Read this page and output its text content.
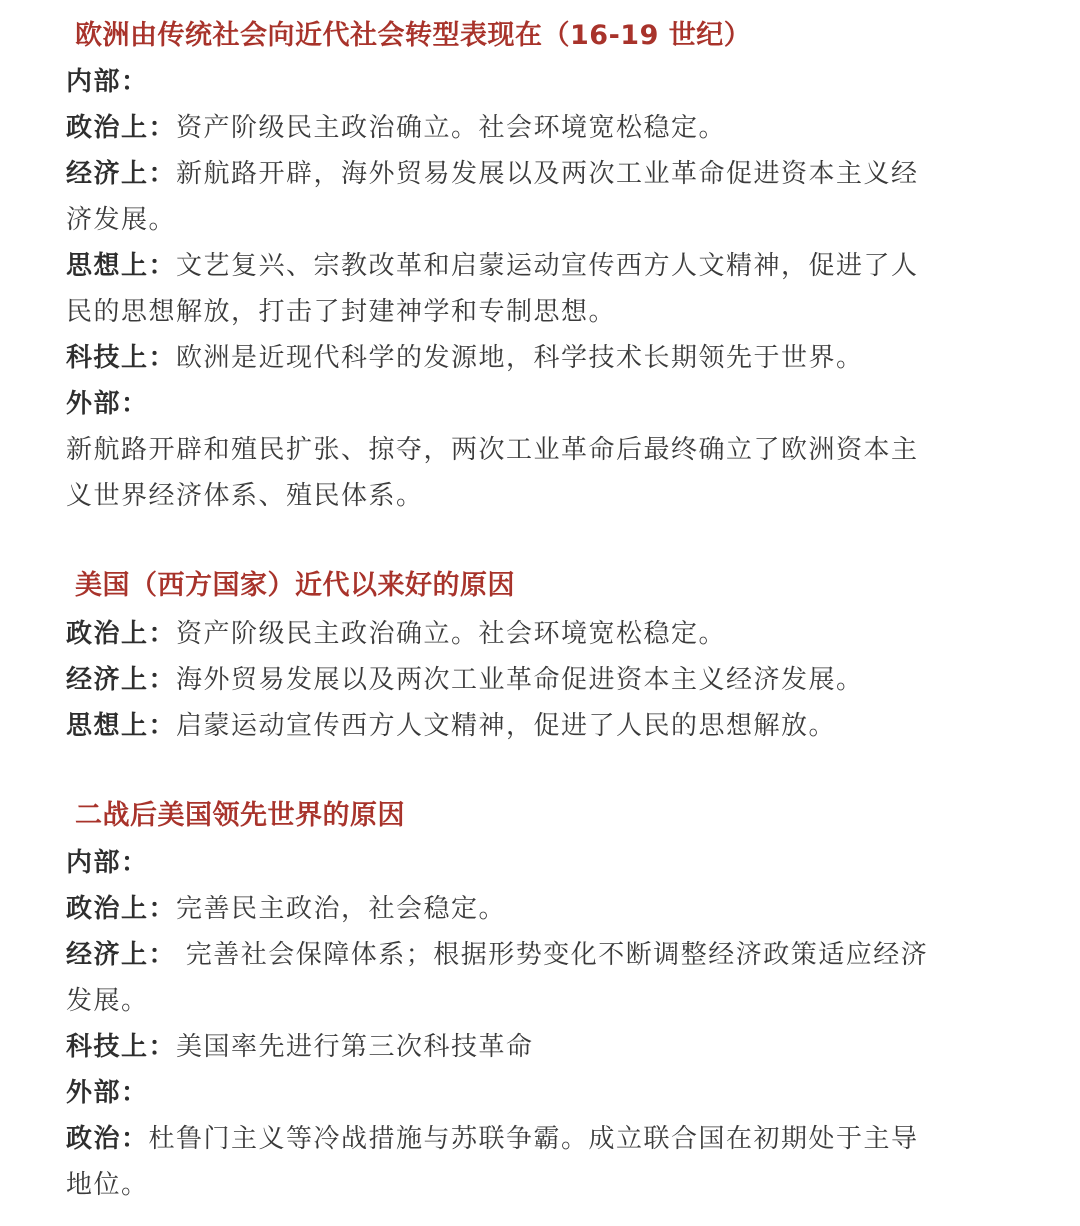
欧洲由传统社会向近代社会转型表现在（16-19 世纪）
内部：
政治上：资产阶级民主政治确立。社会环境宽松稳定。
经济上：新航路开辟，海外贸易发展以及两次工业革命促进资本主义经
济发展。
思想上：文艺复兴、宗教改革和启蒙运动宣传西方人文精神，促进了人
民的思想解放，打击了封建神学和专制思想。
科技上：欧洲是近现代科学的发源地，科学技术长期领先于世界。
外部：
新航路开辟和殖民扩张、掠夺，两次工业革命后最终确立了欧洲资本主
义世界经济体系、殖民体系。
美国（西方国家）近代以来好的原因
政治上：资产阶级民主政治确立。社会环境宽松稳定。
经济上：海外贸易发展以及两次工业革命促进资本主义经济发展。
思想上：启蒙运动宣传西方人文精神，促进了人民的思想解放。
二战后美国领先世界的原因
内部：
政治上：完善民主政治，社会稳定。
经济上： 完善社会保障体系；根据形势变化不断调整经济政策适应经济
发展。
科技上：美国率先进行第三次科技革命
外部：
政治：杜鲁门主义等冷战措施与苏联争霸。成立联合国在初期处于主导
地位。
